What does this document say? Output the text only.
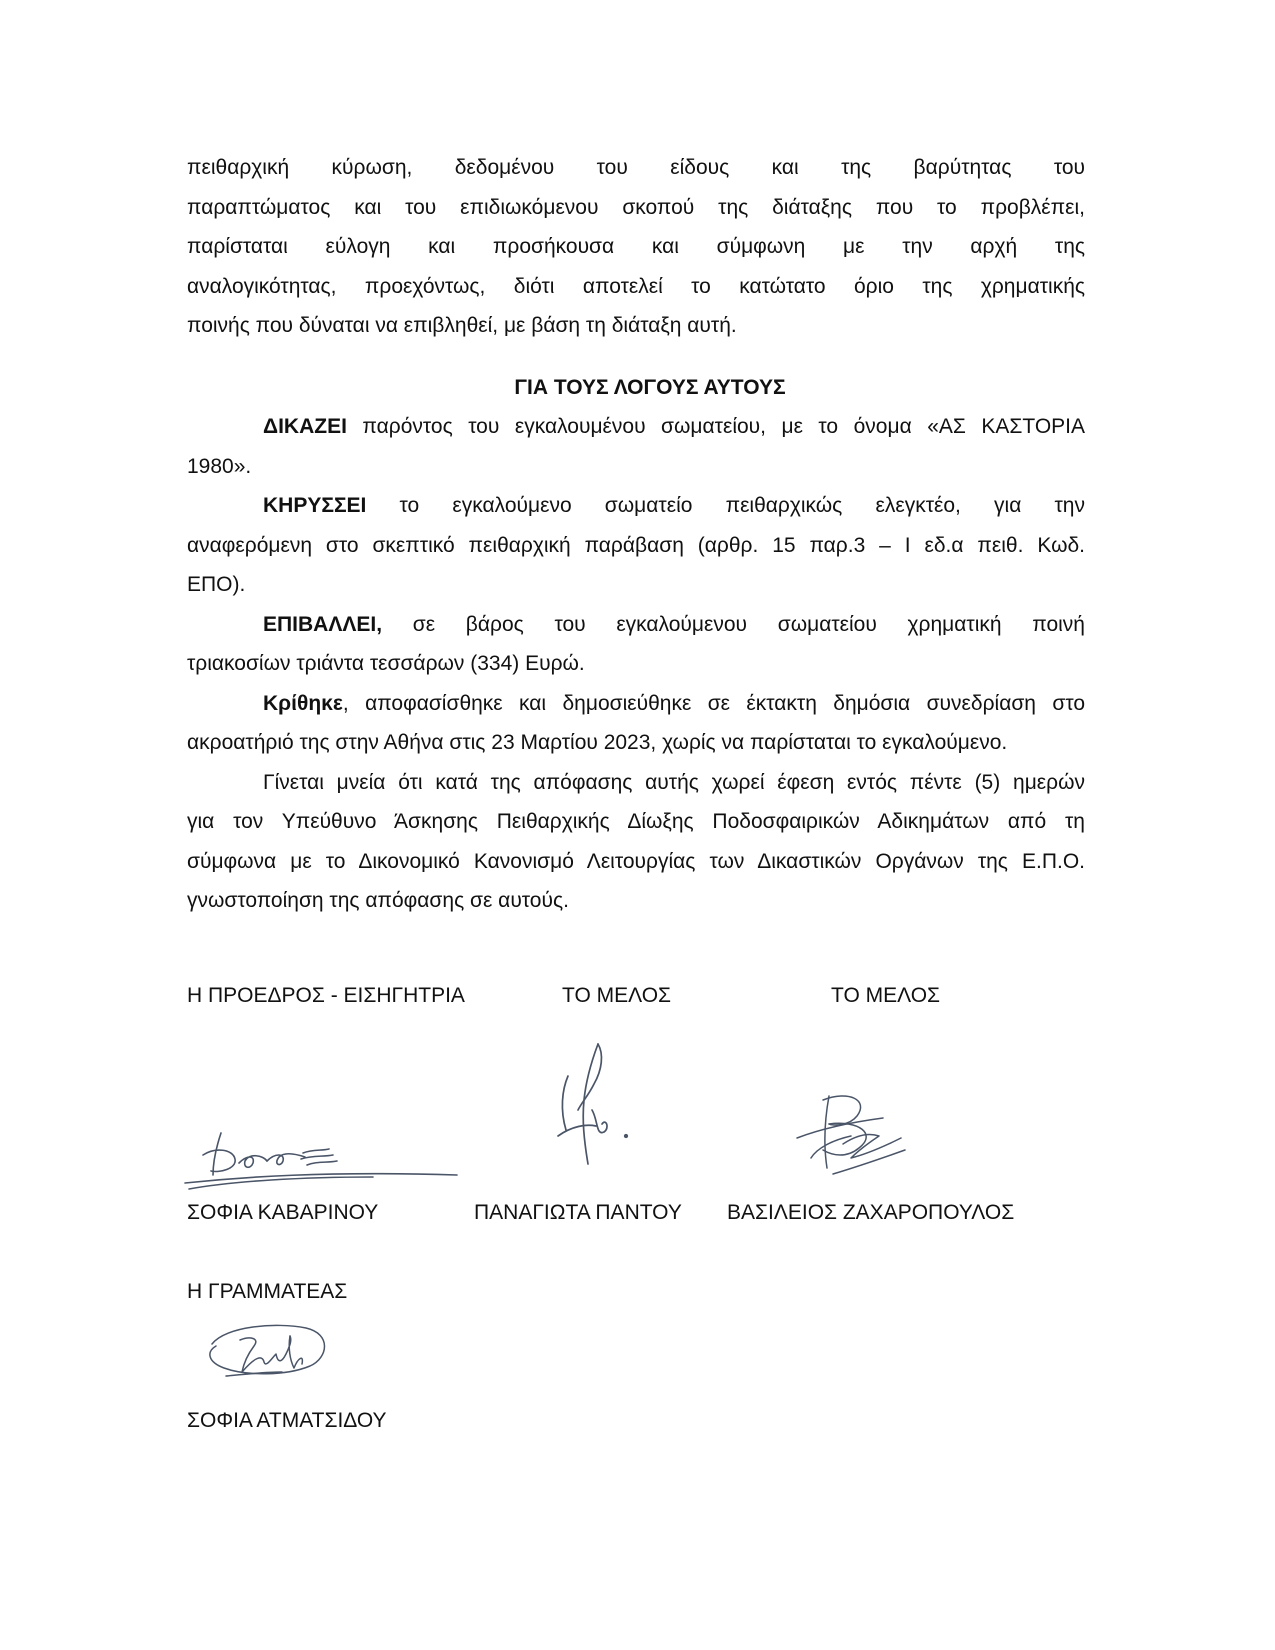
πειθαρχική κύρωση, δεδομένου του είδους και της βαρύτητας του

παραπτώματος και του επιδιωκόμενου σκοπού της διάταξης που το προβλέπει,

παρίσταται εύλογη και προσήκουσα και σύμφωνη με την αρχή της

αναλογικότητας, προεχόντως, διότι αποτελεί το κατώτατο όριο της χρηματικής

ποινής που δύναται να επιβληθεί, με βάση τη διάταξη αυτή.

ΓΙΑ ΤΟΥΣ ΛΟΓΟΥΣ ΑΥΤΟΥΣ

ΔΙΚΑΖΕΙ παρόντος του εγκαλουμένου σωματείου, με το όνομα «ΑΣ ΚΑΣΤΟΡΙΑ

1980».

ΚΗΡΥΣΣΕΙ το εγκαλούμενο σωματείο πειθαρχικώς ελεγκτέο, για την

αναφερόμενη στο σκεπτικό πειθαρχική παράβαση (αρθρ. 15 παρ.3 – Ι εδ.α πειθ. Κωδ.

ΕΠΟ).

ΕΠΙΒΑΛΛΕΙ, σε βάρος του εγκαλούμενου σωματείου χρηματική ποινή

τριακοσίων τριάντα τεσσάρων (334) Ευρώ.

Κρίθηκε, αποφασίσθηκε και δημοσιεύθηκε σε έκτακτη δημόσια συνεδρίαση στο

ακροατήριό της στην Αθήνα στις 23 Μαρτίου 2023, χωρίς να παρίσταται το εγκαλούμενο.

Γίνεται μνεία ότι κατά της απόφασης αυτής χωρεί έφεση εντός πέντε (5) ημερών

για τον Υπεύθυνο Άσκησης Πειθαρχικής Δίωξης Ποδοσφαιρικών Αδικημάτων από τη

σύμφωνα με το Δικονομικό Κανονισμό Λειτουργίας των Δικαστικών Οργάνων της Ε.Π.Ο.

γνωστοποίηση της απόφασης σε αυτούς.

Η ΠΡΟΕΔΡΟΣ - ΕΙΣΗΓΗΤΡΙΑ	ΤΟ ΜΕΛΟΣ	ΤΟ ΜΕΛΟΣ
ΣΟΦΙΑ ΚΑΒΑΡΙΝΟΥ	ΠΑΝΑΓΙΩΤΑ ΠΑΝΤΟΥ ΒΑΣΙΛΕΙΟΣ ΖΑΧΑΡΟΠΟΥΛΟΣ
Η ΓΡΑΜΜΑΤΕΑΣ
ΣΟΦΙΑ ΑΤΜΑΤΣΙΔΟΥ
